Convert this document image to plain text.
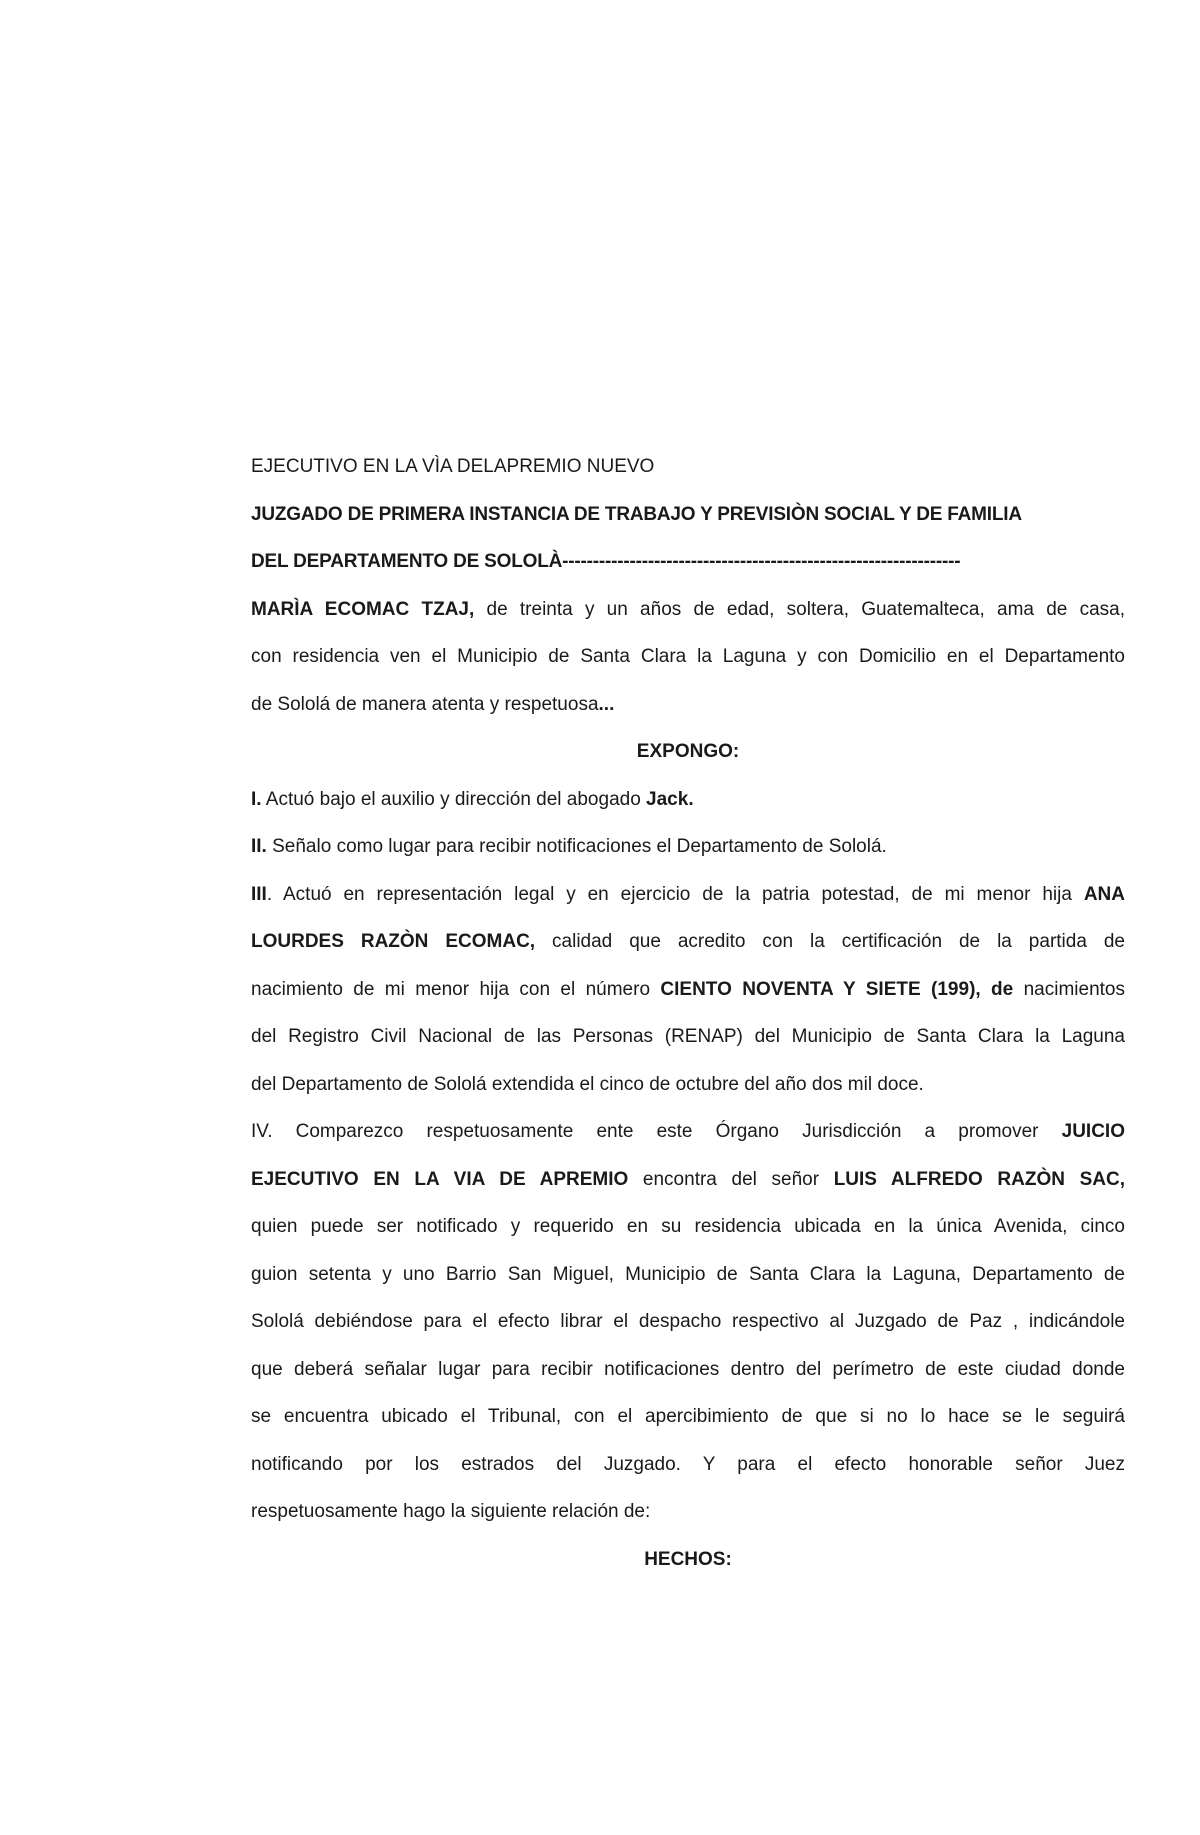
EJECUTIVO EN LA VÌA DELAPREMIO NUEVO
JUZGADO DE PRIMERA INSTANCIA DE TRABAJO Y PREVISIÒN SOCIAL Y DE FAMILIA
DEL DEPARTAMENTO DE SOLOLÀ-----------------------------------------------------------------
MARÌA ECOMAC TZAJ, de treinta y un años de edad, soltera, Guatemalteca, ama de casa,
con residencia ven el Municipio de Santa Clara la Laguna y con Domicilio en el Departamento
de Sololá de manera atenta y respetuosa...
EXPONGO:
I. Actuó bajo el auxilio y dirección del abogado Jack.
II. Señalo como lugar para recibir notificaciones el Departamento de Sololá.
III. Actuó en representación legal y en ejercicio de la patria potestad, de mi menor hija ANA
LOURDES RAZÒN ECOMAC, calidad que acredito con la certificación de la partida de
nacimiento de mi menor hija con el número CIENTO NOVENTA Y SIETE (199), de nacimientos
del Registro Civil Nacional de las Personas (RENAP) del Municipio de Santa Clara la Laguna
del Departamento de Sololá extendida el cinco de octubre del año dos mil doce.
IV. Comparezco respetuosamente ente este Órgano Jurisdicción a promover JUICIO
EJECUTIVO EN LA VIA DE APREMIO encontra del señor LUIS ALFREDO RAZÒN SAC,
quien puede ser notificado y requerido en su residencia ubicada en la única Avenida, cinco
guion setenta y uno Barrio San Miguel, Municipio de Santa Clara la Laguna, Departamento de
Sololá debiéndose para el efecto librar el despacho respectivo al Juzgado de Paz , indicándole
que deberá señalar lugar para recibir notificaciones dentro del perímetro de este ciudad donde
se encuentra ubicado el Tribunal, con el apercibimiento de que si no lo hace se le seguirá
notificando por los estrados del Juzgado. Y para el efecto honorable señor Juez
respetuosamente hago la siguiente relación de:
HECHOS:
